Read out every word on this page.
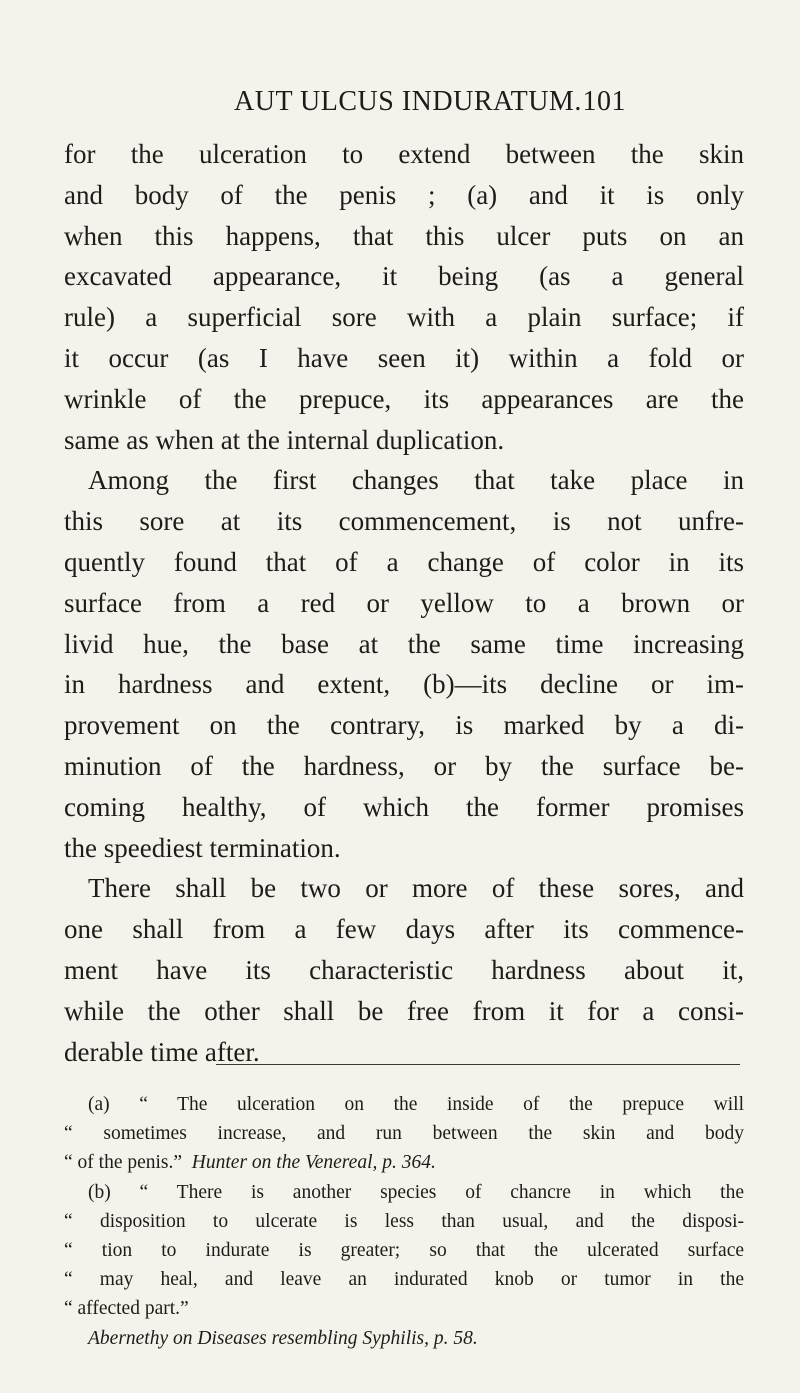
AUT ULCUS INDURATUM. 101
for the ulceration to extend between the skin
and body of the penis ; (a) and it is only
when this happens, that this ulcer puts on an
excavated appearance, it being (as a general
rule) a superficial sore with a plain surface; if
it occur (as I have seen it) within a fold or
wrinkle of the prepuce, its appearances are the
same as when at the internal duplication.
Among the first changes that take place in
this sore at its commencement, is not unfre-
quently found that of a change of color in its
surface from a red or yellow to a brown or
livid hue, the base at the same time increasing
in hardness and extent, (b)—its decline or im-
provement on the contrary, is marked by a di-
minution of the hardness, or by the surface be-
coming healthy, of which the former promises
the speediest termination.
There shall be two or more of these sores, and
one shall from a few days after its commence-
ment have its characteristic hardness about it,
while the other shall be free from it for a consi-
derable time after.
(a) “ The ulceration on the inside of the prepuce will
“ sometimes increase, and run between the skin and body
“ of the penis.” Hunter on the Venereal, p. 364.
(b) “ There is another species of chancre in which the
“ disposition to ulcerate is less than usual, and the disposi-
“ tion to indurate is greater; so that the ulcerated surface
“ may heal, and leave an indurated knob or tumor in the
“ affected part.”
Abernethy on Diseases resembling Syphilis, p. 58.
